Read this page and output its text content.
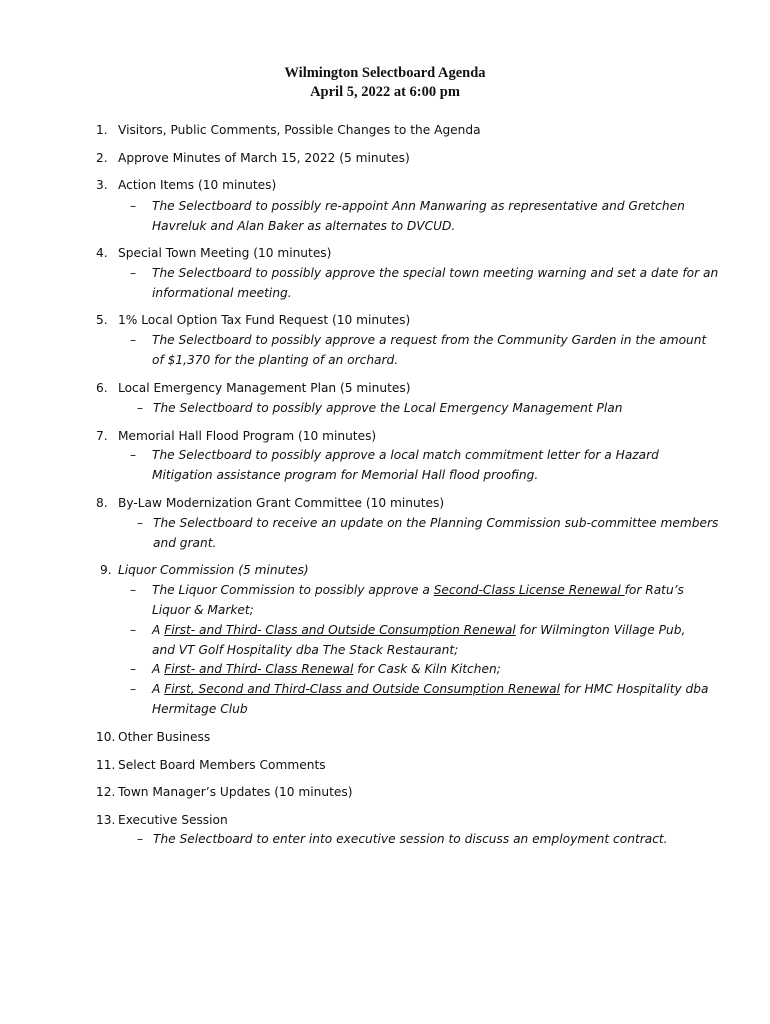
Wilmington Selectboard Agenda
April 5, 2022 at 6:00 pm
1. Visitors, Public Comments, Possible Changes to the Agenda
2. Approve Minutes of March 15, 2022 (5 minutes)
3. Action Items (10 minutes)
– The Selectboard to possibly re-appoint Ann Manwaring as representative and Gretchen
Havreluk and Alan Baker as alternates to DVCUD.
4. Special Town Meeting (10 minutes)
– The Selectboard to possibly approve the special town meeting warning and set a date for an
informational meeting.
5. 1% Local Option Tax Fund Request (10 minutes)
– The Selectboard to possibly approve a request from the Community Garden in the amount
of $1,370 for the planting of an orchard.
6. Local Emergency Management Plan (5 minutes)
– The Selectboard to possibly approve the Local Emergency Management Plan
7. Memorial Hall Flood Program (10 minutes)
– The Selectboard to possibly approve a local match commitment letter for a Hazard
Mitigation assistance program for Memorial Hall flood proofing.
8. By-Law Modernization Grant Committee (10 minutes)
– The Selectboard to receive an update on the Planning Commission sub-committee members
and grant.
9. Liquor Commission (5 minutes)
– The Liquor Commission to possibly approve a Second-Class License Renewal for Ratu’s
Liquor & Market;
– A First- and Third- Class and Outside Consumption Renewal for Wilmington Village Pub,
and VT Golf Hospitality dba The Stack Restaurant;
– A First- and Third- Class Renewal for Cask & Kiln Kitchen;
– A First, Second and Third-Class and Outside Consumption Renewal for HMC Hospitality dba
Hermitage Club
10. Other Business
11. Select Board Members Comments
12. Town Manager’s Updates (10 minutes)
13. Executive Session
– The Selectboard to enter into executive session to discuss an employment contract.
